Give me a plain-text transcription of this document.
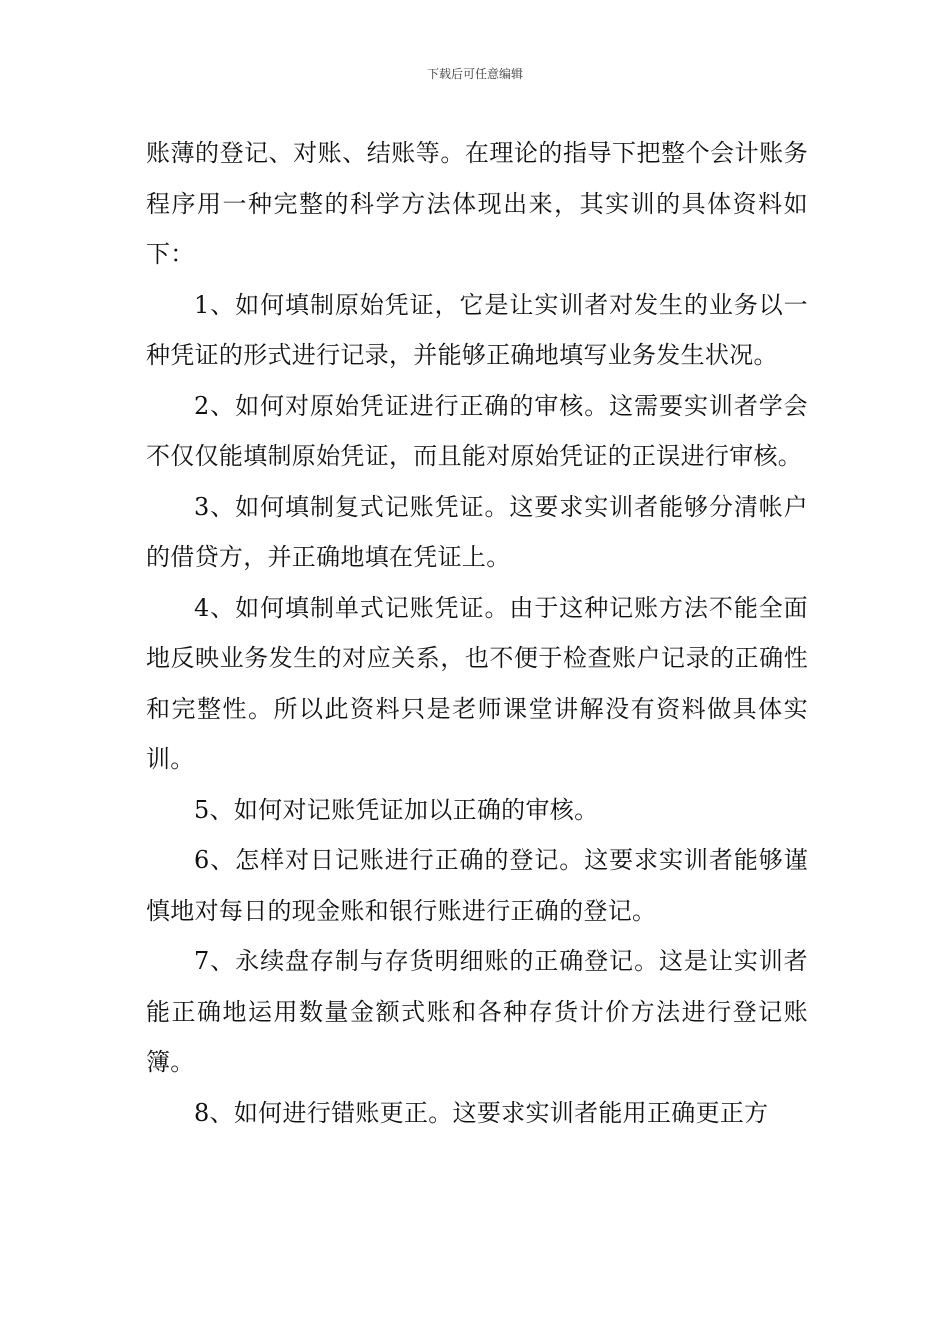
下载后可任意编辑

账薄的登记、对账、结账等。在理论的指导下把整个会计账务程序用一种完整的科学方法体现出来，其实训的具体资料如下：

1、如何填制原始凭证，它是让实训者对发生的业务以一种凭证的形式进行记录，并能够正确地填写业务发生状况。

2、如何对原始凭证进行正确的审核。这需要实训者学会不仅仅能填制原始凭证，而且能对原始凭证的正误进行审核。

3、如何填制复式记账凭证。这要求实训者能够分清帐户的借贷方，并正确地填在凭证上。

4、如何填制单式记账凭证。由于这种记账方法不能全面地反映业务发生的对应关系，也不便于检查账户记录的正确性和完整性。所以此资料只是老师课堂讲解没有资料做具体实训。

5、如何对记账凭证加以正确的审核。

6、怎样对日记账进行正确的登记。这要求实训者能够谨慎地对每日的现金账和银行账进行正确的登记。

7、永续盘存制与存货明细账的正确登记。这是让实训者能正确地运用数量金额式账和各种存货计价方法进行登记账簿。

8、如何进行错账更正。这要求实训者能用正确更正方
